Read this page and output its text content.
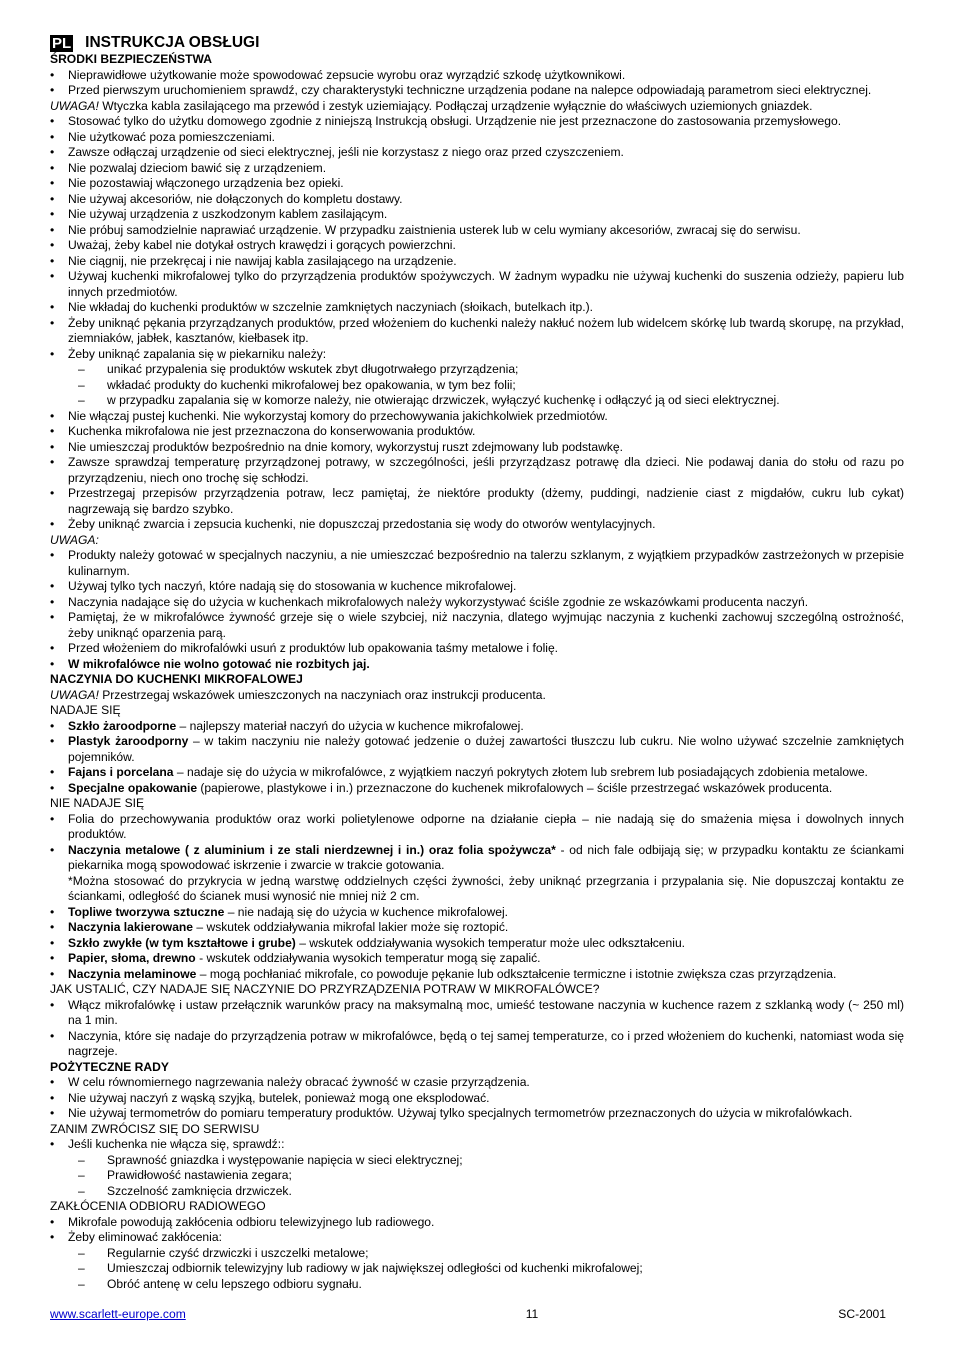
PL INSTRUKCJA OBSŁUGI
ŚRODKI BEZPIECZEŃSTWA
• Nieprawidłowe użytkowanie może spowodować zepsucie wyrobu oraz wyrządzić szkodę użytkownikowi.
• Przed pierwszym uruchomieniem sprawdź, czy charakterystyki techniczne urządzenia podane na nalepce odpowiadają parametrom sieci elektrycznej.
UWAGA! Wtyczka kabla zasilającego ma przewód i zestyk uziemiający. Podłączaj urządzenie wyłącznie do właściwych uziemionych gniazdek.
• Stosować tylko do użytku domowego zgodnie z niniejszą Instrukcją obsługi. Urządzenie nie jest przeznaczone do zastosowania przemysłowego.
• Nie użytkować poza pomieszczeniami.
• Zawsze odłączaj urządzenie od sieci elektrycznej, jeśli nie korzystasz z niego oraz przed czyszczeniem.
• Nie pozwalaj dzieciom bawić się z urządzeniem.
• Nie pozostawiaj włączonego urządzenia bez opieki.
• Nie używaj akcesoriów, nie dołączonych do kompletu dostawy.
• Nie używaj urządzenia z uszkodzonym kablem zasilającym.
• Nie próbuj samodzielnie naprawiać urządzenie. W przypadku zaistnienia usterek lub w celu wymiany akcesoriów, zwracaj się do serwisu.
• Uważaj, żeby kabel nie dotykał ostrych krawędzi i gorących powierzchni.
• Nie ciągnij, nie przekręcaj i nie nawijaj kabla zasilającego na urządzenie.
• Używaj kuchenki mikrofalowej tylko do przyrządzenia produktów spożywczych. W żadnym wypadku nie używaj kuchenki do suszenia odzieży, papieru lub innych przedmiotów.
• Nie wkładaj do kuchenki produktów w szczelnie zamkniętych naczyniach (słoikach, butelkach itp.).
• Żeby uniknąć pękania przyrządzanych produktów, przed włożeniem do kuchenki należy nakłuć nożem lub widelcem skórkę lub twardą skorupę, na przykład, ziemniaków, jabłek, kasztanów, kiełbasek itp.
• Żeby uniknąć zapalania się w piekarniku należy:
– unikać przypalenia się produktów wskutek zbyt długotrwałego przyrządzenia;
– wkładać produkty do kuchenki mikrofalowej bez opakowania, w tym bez folii;
– w przypadku zapalania się w komorze należy, nie otwierając drzwiczek, wyłączyć kuchenkę i odłączyć ją od sieci elektrycznej.
• Nie włączaj pustej kuchenki. Nie wykorzystaj komory do przechowywania jakichkolwiek przedmiotów.
• Kuchenka mikrofalowa nie jest przeznaczona do konserwowania produktów.
• Nie umieszczaj produktów bezpośrednio na dnie komory, wykorzystuj ruszt zdejmowany lub podstawkę.
• Zawsze sprawdzaj temperaturę przyrządzonej potrawy, w szczególności, jeśli przyrządzasz potrawę dla dzieci. Nie podawaj dania do stołu od razu po przyrządzeniu, niech ono trochę się schłodzi.
• Przestrzegaj przepisów przyrządzenia potraw, lecz pamiętaj, że niektóre produkty (dżemy, puddingi, nadzienie ciast z migdałów, cukru lub cykat) nagrzewają się bardzo szybko.
• Żeby uniknąć zwarcia i zepsucia kuchenki, nie dopuszczaj przedostania się wody do otworów wentylacyjnych.
UWAGA:
• Produkty należy gotować w specjalnych naczyniu, a nie umieszczać bezpośrednio na talerzu szklanym, z wyjątkiem przypadków zastrzeżonych w przepisie kulinarnym.
• Używaj tylko tych naczyń, które nadają się do stosowania w kuchence mikrofalowej.
• Naczynia nadające się do użycia w kuchenkach mikrofalowych należy wykorzystywać ściśle zgodnie ze wskazówkami producenta naczyń.
• Pamiętaj, że w mikrofalówce żywność grzeje się o wiele szybciej, niż naczynia, dlatego wyjmując naczynia z kuchenki zachowuj szczególną ostrożność, żeby uniknąć oparzenia parą.
• Przed włożeniem do mikrofalówki usuń z produktów lub opakowania taśmy metalowe i folię.
• W mikrofalówce nie wolno gotować nie rozbitych jaj.
NACZYNIA DO KUCHENKI MIKROFALOWEJ
UWAGA! Przestrzegaj wskazówek umieszczonych na naczyniach oraz instrukcji producenta.
NADAJE SIĘ
• Szkło żaroodporne – najlepszy materiał naczyń do użycia w kuchence mikrofalowej.
• Plastyk żaroodporny – w takim naczyniu nie należy gotować jedzenie o dużej zawartości tłuszczu lub cukru. Nie wolno używać szczelnie zamkniętych pojemników.
• Fajans i porcelana – nadaje się do użycia w mikrofalówce, z wyjątkiem naczyń pokrytych złotem lub srebrem lub posiadających zdobienia metalowe.
• Specjalne opakowanie (papierowe, plastykowe i in.) przeznaczone do kuchenek mikrofalowych – ściśle przestrzegać wskazówek producenta.
NIE NADAJE SIĘ
• Folia do przechowywania produktów oraz worki polietylenowe odporne na działanie ciepła – nie nadają się do smażenia mięsa i dowolnych innych produktów.
• Naczynia metalowe ( z aluminium i ze stali nierdzewnej i in.) oraz folia spożywcza* - od nich fale odbijają się; w przypadku kontaktu ze ściankami piekarnika mogą spowodować iskrzenie i zwarcie w trakcie gotowania.
*Można stosować do przykrycia w jedną warstwę oddzielnych części żywności, żeby uniknąć przegrzania i przypalania się. Nie dopuszczaj kontaktu ze ściankami, odległość do ścianek musi wynosić nie mniej niż 2 cm.
• Topliwe tworzywa sztuczne – nie nadają się do użycia w kuchence mikrofalowej.
• Naczynia lakierowane – wskutek oddziaływania mikrofal lakier może się roztopić.
• Szkło zwykłe (w tym kształtowe i grube) – wskutek oddziaływania wysokich temperatur może ulec odkształceniu.
• Papier, słoma, drewno - wskutek oddziaływania wysokich temperatur mogą się zapalić.
• Naczynia melaminowe – mogą pochłaniać mikrofale, co powoduje pękanie lub odkształcenie termiczne i istotnie zwiększa czas przyrządzenia.
JAK USTALIĆ, CZY NADAJE SIĘ NACZYNIE DO PRZYRZĄDZENIA POTRAW W MIKROFALÓWCE?
• Włącz mikrofalówkę i ustaw przełącznik warunków pracy na maksymalną moc, umieść testowane naczynia w kuchence razem z szklanką wody (~ 250 ml) na 1 min.
• Naczynia, które się nadaje do przyrządzenia potraw w mikrofalówce, będą o tej samej temperaturze, co i przed włożeniem do kuchenki, natomiast woda się nagrzeje.
POŻYTECZNE RADY
• W celu równomiernego nagrzewania należy obracać żywność w czasie przyrządzenia.
• Nie używaj naczyń z wąską szyjką, butelek, ponieważ mogą one eksplodować.
• Nie używaj termometrów do pomiaru temperatury produktów. Używaj tylko specjalnych termometrów przeznaczonych do użycia w mikrofalówkach.
ZANIM ZWRÓCISZ SIĘ DO SERWISU
• Jeśli kuchenka nie włącza się, sprawdź::
– Sprawność gniazdka i występowanie napięcia w sieci elektrycznej;
– Prawidłowość nastawienia zegara;
– Szczelność zamknięcia drzwiczek.
ZAKŁÓCENIA ODBIORU RADIOWEGO
• Mikrofale powodują zakłócenia odbioru telewizyjnego lub radiowego.
• Żeby eliminować zakłócenia:
– Regularnie czyść drzwiczki i uszczelki metalowe;
– Umieszczaj odbiornik telewizyjny lub radiowy w jak największej odległości od kuchenki mikrofalowej;
– Obróć antenę w celu lepszego odbioru sygnału.
www.scarlett-europe.com	11	SC-2001
